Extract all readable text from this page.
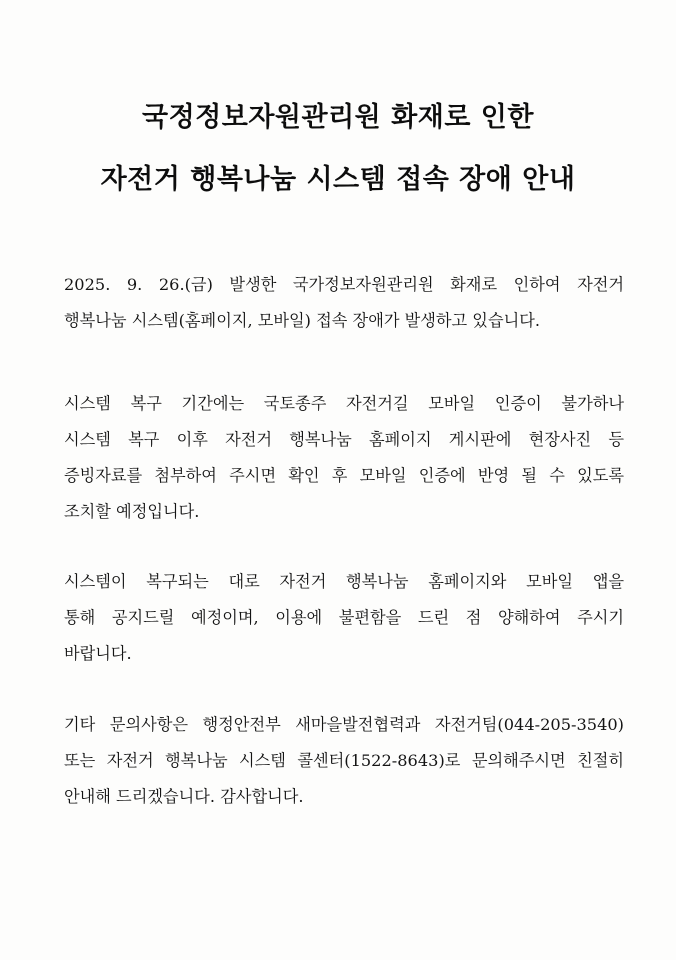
국정정보자원관리원 화재로 인한
자전거 행복나눔 시스템 접속 장애 안내
2025. 9. 26.(금) 발생한 국가정보자원관리원 화재로 인하여 자전거
행복나눔 시스템(홈페이지, 모바일) 접속 장애가 발생하고 있습니다.
시스템 복구 기간에는 국토종주 자전거길 모바일 인증이 불가하나
시스템 복구 이후 자전거 행복나눔 홈페이지 게시판에 현장사진 등
증빙자료를 첨부하여 주시면 확인 후 모바일 인증에 반영 될 수 있도록
조치할 예정입니다.
시스템이 복구되는 대로 자전거 행복나눔 홈페이지와 모바일 앱을
통해 공지드릴 예정이며, 이용에 불편함을 드린 점 양해하여 주시기
바랍니다.
기타 문의사항은 행정안전부 새마을발전협력과 자전거팀(044-205-3540)
또는 자전거 행복나눔 시스템 콜센터(1522-8643)로 문의해주시면 친절히
안내해 드리겠습니다. 감사합니다.
